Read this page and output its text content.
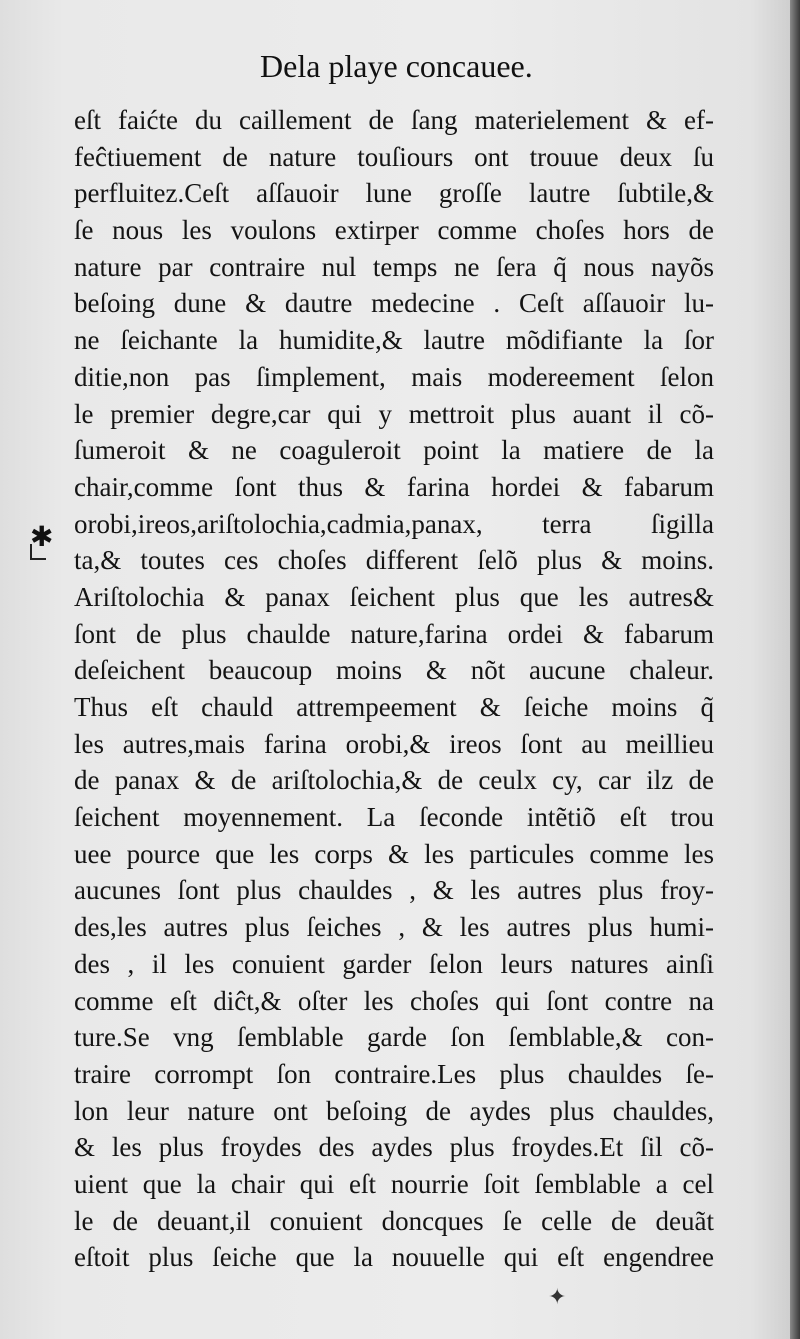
Dela playe concauee.
✱
eſt faićte du caillement de ſang materielement & ef-
feĉtiuement de nature touſiours ont trouue deux ſu
perfluitez.Ceſt aſſauoir lune groſſe lautre ſubtile,&
ſe nous les voulons extirper comme choſes hors de
nature par contraire nul temps ne ſera q̃ nous nayõs
beſoing dune & dautre medecine . Ceſt aſſauoir lu-
ne ſeichante la humidite,& lautre mõdifiante la ſor
ditie,non pas ſimplement, mais modereement ſelon
le premier degre,car qui y mettroit plus auant il cõ-
ſumeroit & ne coaguleroit point la matiere de la
chair,comme ſont thus & farina hordei & fabarum
orobi,ireos,ariſtolochia,cadmia,panax, terra ſigilla
ta,& toutes ces choſes different ſelõ plus & moins.
Ariſtolochia & panax ſeichent plus que les autres&
ſont de plus chaulde nature,farina ordei & fabarum
deſeichent beaucoup moins & nõt aucune chaleur.
Thus eſt chauld attrempeement & ſeiche moins q̃
les autres,mais farina orobi,& ireos ſont au meillieu
de panax & de ariſtolochia,& de ceulx cy, car ilz de
ſeichent moyennement. La ſeconde intẽtiõ eſt trou
uee pource que les corps & les particules comme les
aucunes ſont plus chauldes , & les autres plus froy-
des,les autres plus ſeiches , & les autres plus humi-
des , il les conuient garder ſelon leurs natures ainſi
comme eſt diĉt,& oſter les choſes qui ſont contre na
ture.Se vng ſemblable garde ſon ſemblable,& con-
traire corrompt ſon contraire.Les plus chauldes ſe-
lon leur nature ont beſoing de aydes plus chauldes,
& les plus froydes des aydes plus froydes.Et ſil cõ-
uient que la chair qui eſt nourrie ſoit ſemblable a cel
le de deuant,il conuient doncques ſe celle de deuãt
eſtoit plus ſeiche que la nouuelle qui eſt engendree
✦
